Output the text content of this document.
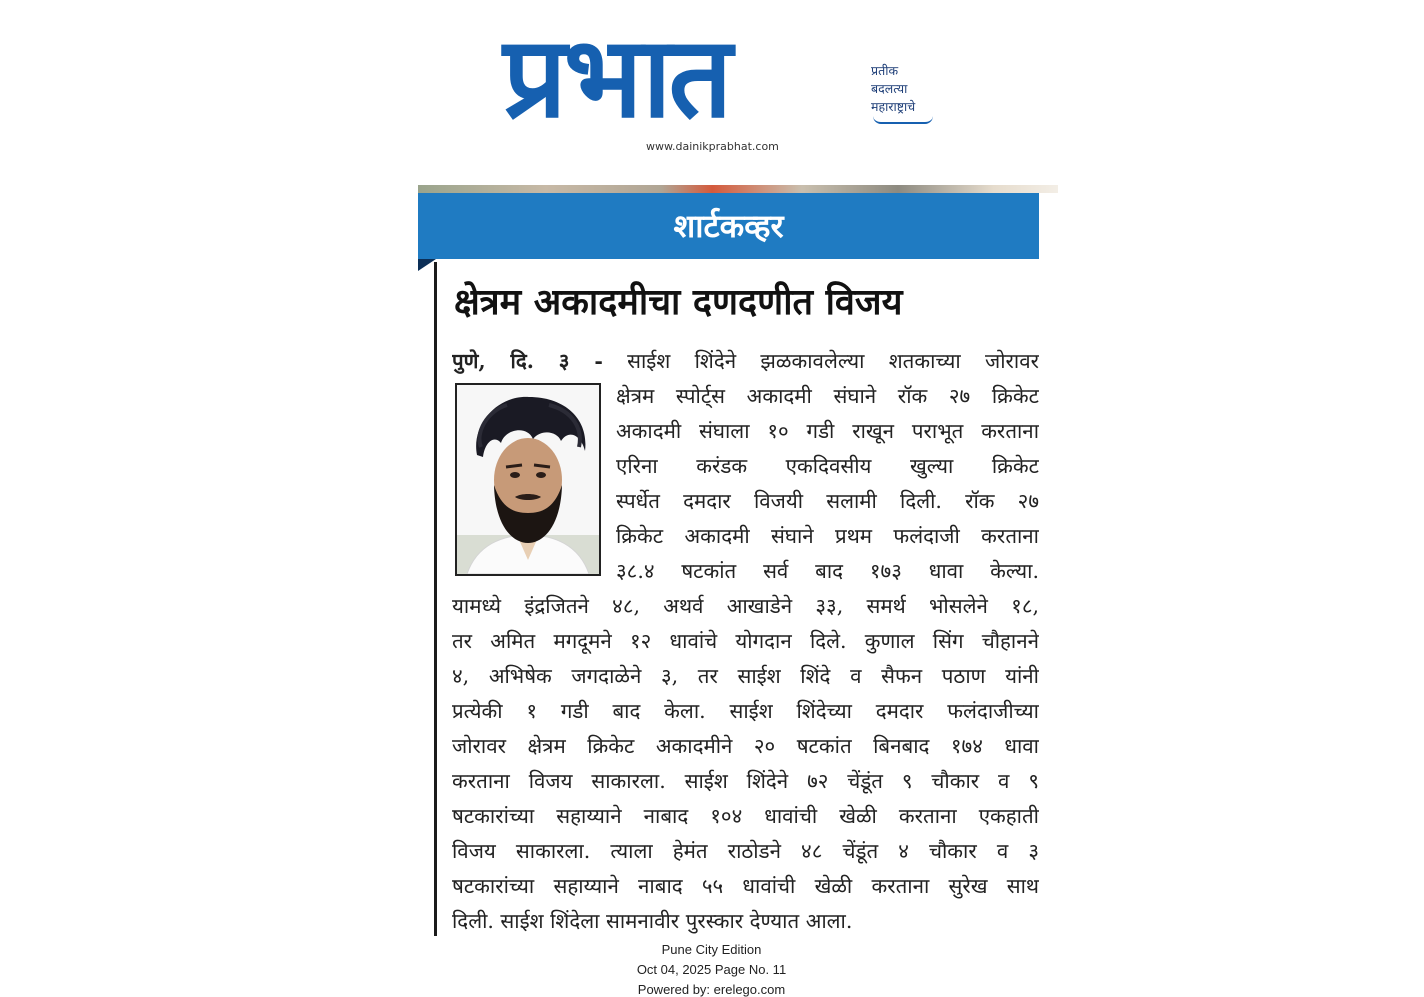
प्रभात	प्रतीक
बदलत्या
महाराष्ट्राचे
www.dainikprabhat.com
शार्टकव्हर
क्षेत्रम अकादमीचा दणदणीत विजय
पुणे, दि. ३ - साईश शिंदेने झळकावलेल्या शतकाच्या जोरावर
क्षेत्रम स्पोर्ट्स अकादमी संघाने रॉक २७ क्रिकेट
अकादमी संघाला १० गडी राखून पराभूत करताना
एरिना करंडक एकदिवसीय खुल्या क्रिकेट
स्पर्धेत दमदार विजयी सलामी दिली. रॉक २७
क्रिकेट अकादमी संघाने प्रथम फलंदाजी करताना
३८.४ षटकांत सर्व बाद १७३ धावा केल्या.
यामध्ये इंद्रजितने ४८, अथर्व आखाडेने ३३, समर्थ भोसलेने १८,
तर अमित मगदूमने १२ धावांचे योगदान दिले. कुणाल सिंग चौहानने
४, अभिषेक जगदाळेने ३, तर साईश शिंदे व सैफन पठाण यांनी
प्रत्येकी १ गडी बाद केला. साईश शिंदेच्या दमदार फलंदाजीच्या
जोरावर क्षेत्रम क्रिकेट अकादमीने २० षटकांत बिनबाद १७४ धावा
करताना विजय साकारला. साईश शिंदेने ७२ चेंडूंत ९ चौकार व ९
षटकारांच्या सहाय्याने नाबाद १०४ धावांची खेळी करताना एकहाती
विजय साकारला. त्याला हेमंत राठोडने ४८ चेंडूंत ४ चौकार व ३
षटकारांच्या सहाय्याने नाबाद ५५ धावांची खेळी करताना सुरेख साथ
दिली. साईश शिंदेला सामनावीर पुरस्कार देण्यात आला.
Pune City Edition
Oct 04, 2025 Page No. 11
Powered by: erelego.com
